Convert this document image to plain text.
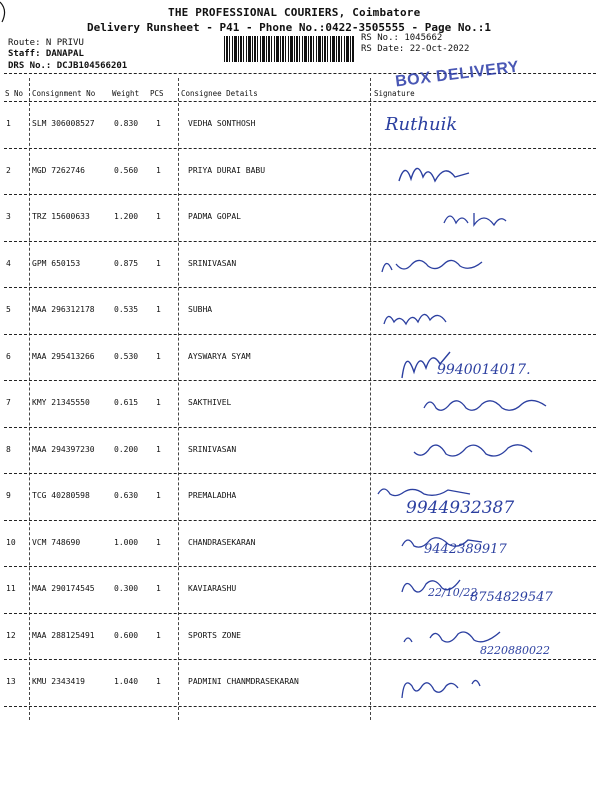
THE PROFESSIONAL COURIERS, Coimbatore
Delivery Runsheet - P41 - Phone No.:0422-3505555 - Page No.:1
Route: N PRIVU
Staff: DANAPAL
DRS No.: DCJB104566201
RS No.: 1045662
RS Date: 22-Oct-2022
S No Consignment No Weight PCS Consignee Details	Signature
1	SLM 306008527 0.830 1	VEDHA SONTHOSH
2	MGD 7262746	0.560 1	PRIYA DURAI BABU
3	TRZ 15600633	1.200 1	PADMA GOPAL
4	GPM 650153	0.875 1	SRINIVASAN
5	MAA 296312178 0.535 1	SUBHA
6	MAA 295413266 0.530 1	AYSWARYA SYAM
7	KMY 21345550	0.615 1	SAKTHIVEL
8	MAA 294397230 0.200 1	SRINIVASAN
9	TCG 40280598	0.630 1	PREMALADHA
10 VCM 748690	1.000 1	CHANDRASEKARAN
11 MAA 290174545 0.300 1	KAVIARASHU
12 MAA 288125491 0.600 1	SPORTS ZONE
13 KMU 2343419	1.040 1	PADMINI CHANMDRASEKARAN
BOX DELIVERY
Ruthuik
9940014017.
9944932387
9442389917
22/10/22
8754829547
8220880022
